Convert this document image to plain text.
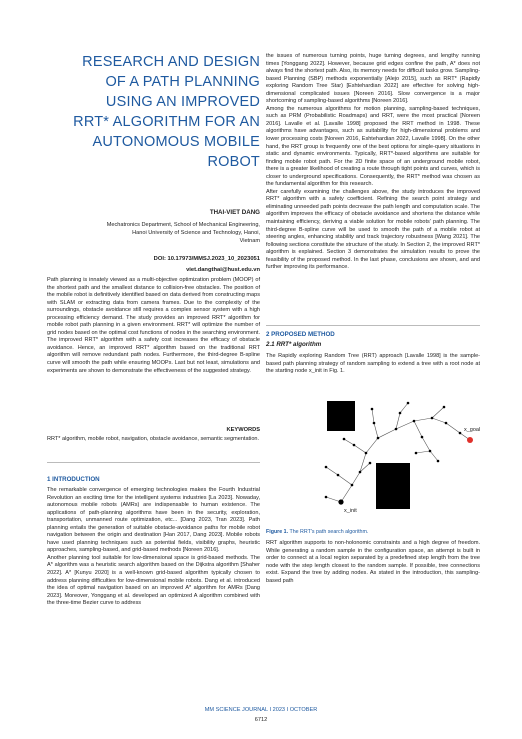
RESEARCH AND DESIGN
OF A PATH PLANNING
USING AN IMPROVED
RRT* ALGORITHM FOR AN
AUTONOMOUS MOBILE
ROBOT
THAI-VIET DANG
Mechatronics Department, School of Mechanical Engineering,
Hanoi University of Science and Technology, Hanoi,
Vietnam
DOI: 10.17973/MMSJ.2023_10_2023051
viet.dangthai@hust.edu.vn

Path planning is innately viewed as a multi-objective optimization problem (MOOP) of the shortest path and the smallest distance to collision-free obstacles. The position of the mobile robot is definitively identified based on data derived from constructing maps with SLAM or extracting data from camera frames. Due to the complexity of the surroundings, obstacle avoidance still requires a complex sensor system with a high processing efficiency demand. The study provides an improved RRT* algorithm for mobile robot path planning in a given environment. RRT* will optimize the number of grid nodes based on the optimal cost functions of nodes in the searching environment. The improved RRT* algorithm with a safety cost increases the efficacy of obstacle avoidance. Hence, an improved RRT* algorithm based on the traditional RRT algorithm will remove redundant path nodes. Furthermore, the third-degree B-spline curve will smooth the path while ensuring MOOPs. Last but not least, simulations and experiments are shown to demonstrate the effectiveness of the suggested strategy.

KEYWORDS

RRT* algorithm, mobile robot, navigation, obstacle avoidance, semantic segmentation.

1 INTRODUCTION

The remarkable convergence of emerging technologies makes the Fourth Industrial Revolution an exciting time for the intelligent systems industries [La 2023]. Nowaday, autonomous mobile robots (AMRs) are indispensable to human existence. The applications of path-planning algorithms have been in the security, exploration, transportation, unmanned route optimization, etc... [Dang 2023, Tran 2023]. Path planning entails the generation of suitable obstacle-avoidance paths for mobile robot navigation between the origin and destination [Han 2017, Dang 2023]. Mobile robots have used planning techniques such as potential fields, visibility graphs, heuristic approaches, sampling-based, and grid-based methods [Noreen 2016].
Another planning tool suitable for low-dimensional space is grid-based methods. The A* algorithm was a heuristic search algorithm based on the Dijkstra algorithm [Shaher 2022]. A* [Kunyu 2020] is a well-known grid-based algorithm typically chosen to address planning difficulties for low-dimensional mobile robots. Dang et al. introduced the idea of optimal navigation based on an improved A* algorithm for AMRs [Dang 2023]. Moreover, Yonggang et al. developed an optimized A algorithm combined with the three-time Bezier curve to address

the issues of numerous turning points, huge turning degrees, and lengthy running times [Yonggang 2022]. However, because grid edges confine the path, A* does not always find the shortest path. Also, its memory needs for difficult tasks grow. Sampling-based Planning (SBP) methods exponentially [Alejo 2015], such as RRT* (Rapidly exploring Random Tree Star) [Eshtehardian 2022] are effective for solving high-dimensional complicated issues [Noreen 2016]. Slow convergence is a major shortcoming of sampling-based algorithms [Noreen 2016].
Among the numerous algorithms for motion planning, sampling-based techniques, such as PRM (Probabilistic Roadmaps) and RRT, were the most practical [Noreen 2016]. Lavalle et al. [Lavalle 1998] proposed the RRT method in 1998. These algorithms have advantages, such as suitability for high-dimensional problems and lower processing costs [Noreen 2016, Eshtehardian 2022, Lavalle 1998]. On the other hand, the RRT group is frequently one of the best options for single-query situations in static and dynamic environments. Typically, RRT*-based algorithms are suitable for finding mobile robot path. For the 2D finite space of an underground mobile robot, there is a greater likelihood of creating a route through tight points and curves, which is closer to underground specifications. Consequently, the RRT* method was chosen as the fundamental algorithm for this research.
After carefully examining the challenges above, the study introduces the improved RRT* algorithm with a safety coefficient. Refining the search point strategy and eliminating unneeded path points decrease the path length and computation scale. The algorithm improves the efficacy of obstacle avoidance and shortens the distance while maintaining efficiency, deriving a viable solution for mobile robots' path planning. The third-degree B-spline curve will be used to smooth the path of a mobile robot at steering angles, enhancing stability and track trajectory robustness [Wang 2021]. The following sections constitute the structure of the study. In Section 2, the improved RRT* algorithm is explained. Section 3 demonstrates the simulation results to prove the feasibility of the proposed method. In the last phase, conclusions are shown, and and further improving its performance.

2 PROPOSED METHOD
2.1 RRT* algorithm

The Rapidly exploring Random Tree (RRT) approach [Lavalle 1998] is the sample-based path planning strategy of random sampling to extend a tree with a root node at the starting node x_init in Fig. 1.

x_goal
x_init
Figure 1. The RRT's path search algorithm.

RRT algorithm supports to non-holonomic constraints and a high degree of freedom. While generating a random sample in the configuration space, an attempt is built in order to connect at a local region separated by a predefined step length from the tree node with the step length closest to the random sample. If possible, tree connections exist. Expand the tree by adding nodes. As stated in the introduction, this sampling-based path

MM SCIENCE JOURNAL I 2023 I OCTOBER
6712
